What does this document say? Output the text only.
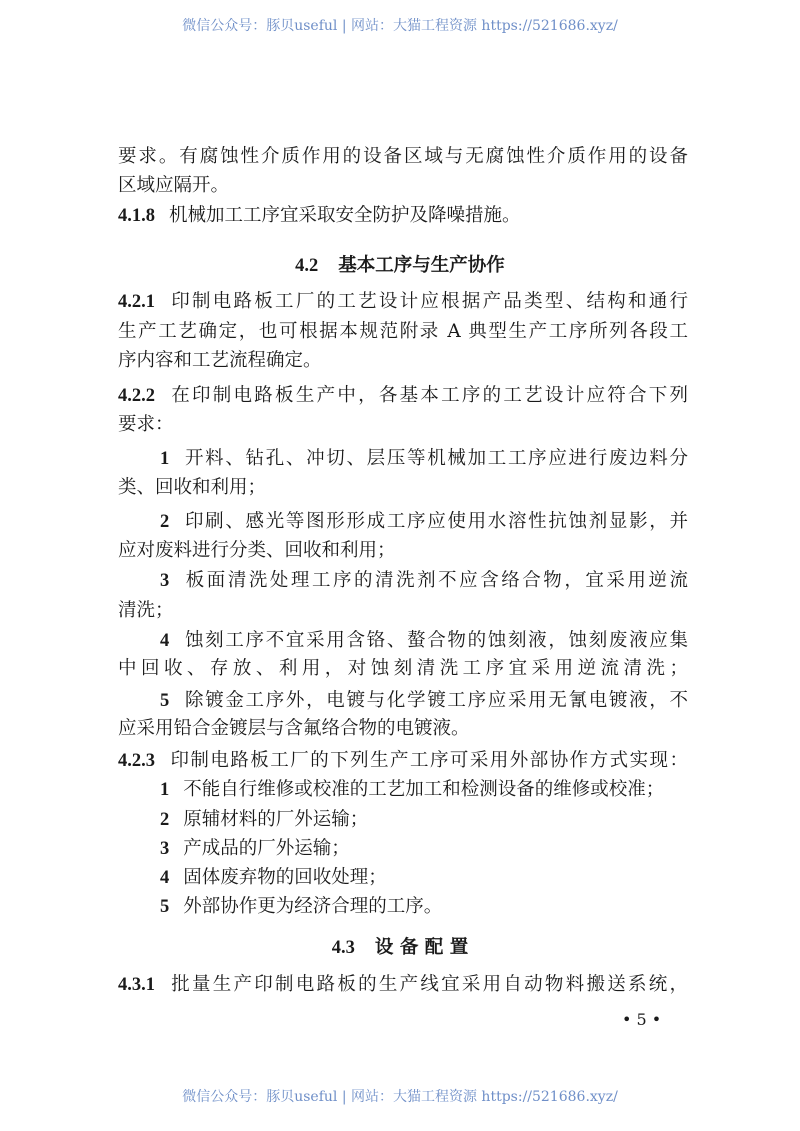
微信公众号：豚贝useful | 网站：大猫工程资源 https://521686.xyz/
要求。有腐蚀性介质作用的设备区域与无腐蚀性介质作用的设备
区域应隔开。
4.1.8 机械加工工序宜采取安全防护及降噪措施。
4.2 基本工序与生产协作
4.2.1 印制电路板工厂的工艺设计应根据产品类型、结构和通行
生产工艺确定，也可根据本规范附录 A 典型生产工序所列各段工
序内容和工艺流程确定。
4.2.2 在印制电路板生产中，各基本工序的工艺设计应符合下列
要求：
1 开料、钻孔、冲切、层压等机械加工工序应进行废边料分
类、回收和利用；
2 印刷、感光等图形形成工序应使用水溶性抗蚀剂显影，并
应对废料进行分类、回收和利用；
3 板面清洗处理工序的清洗剂不应含络合物，宜采用逆流
清洗；
4 蚀刻工序不宜采用含铬、螯合物的蚀刻液，蚀刻废液应集
中回收、存放、利用，对蚀刻清洗工序宜采用逆流清洗；
5 除镀金工序外，电镀与化学镀工序应采用无氰电镀液，不
应采用铅合金镀层与含氟络合物的电镀液。
4.2.3 印制电路板工厂的下列生产工序可采用外部协作方式实现：
1 不能自行维修或校准的工艺加工和检测设备的维修或校准；
2 原辅材料的厂外运输；
3 产成品的厂外运输；
4 固体废弃物的回收处理；
5 外部协作更为经济合理的工序。
4.3 设 备 配 置
4.3.1 批量生产印制电路板的生产线宜采用自动物料搬送系统，
• 5 •
微信公众号：豚贝useful | 网站：大猫工程资源 https://521686.xyz/
